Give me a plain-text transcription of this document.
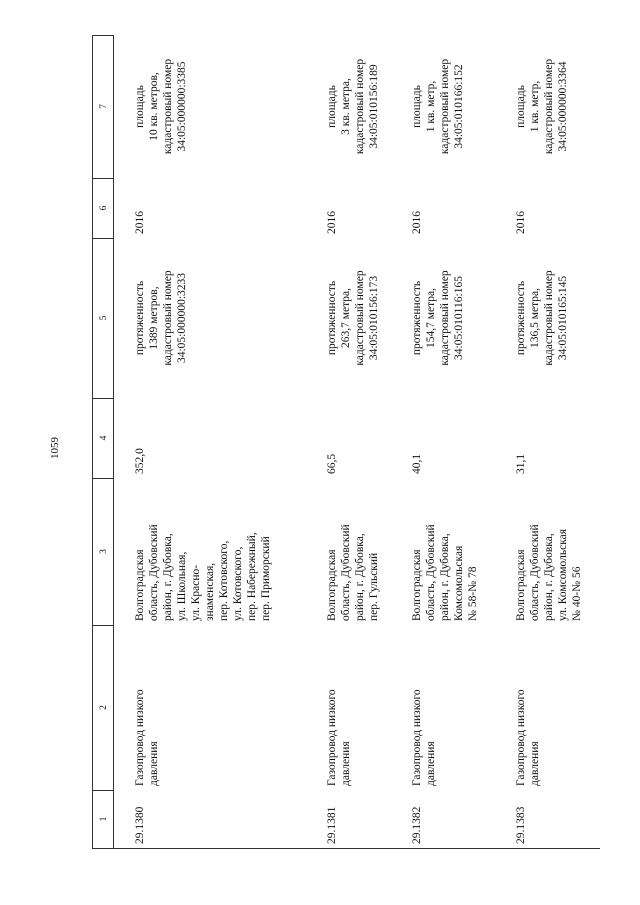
1059
1
2
3
4
5
6
7
29.1380
Газопровод низкого давления
Волгоградская область, Дубовский район, г. Дубовка, ул. Школьная, ул. Красно- знаменская, пер. Котовского, ул. Котовского, пер. Набережный, пер. Приморский
352,0
протяженность 1389 метров, кадастровый номер 34:05:000000:3233
2016
площадь 10 кв. метров, кадастровый номер 34:05:000000:3385
29.1381
Газопровод низкого давления
Волгоградская область, Дубовский район, г. Дубовка, пер. Гульский
66,5
протяженность 263,7 метра, кадастровый номер 34:05:010156:173
2016
площадь 3 кв. метра, кадастровый номер 34:05:010156:189
29.1382
Газопровод низкого давления
Волгоградская область, Дубовский район, г. Дубовка, Комсомольская № 58-№ 78
40,1
протяженность 154,7 метра, кадастровый номер 34:05:010116:165
2016
площадь 1 кв. метр, кадастровый номер 34:05:010166:152
29.1383
Газопровод низкого давления
Волгоградская область, Дубовский район, г. Дубовка, ул. Комсомольская № 40-№ 56
31,1
протяженность 136,5 метра, кадастровый номер 34:05:010165:145
2016
площадь 1 кв. метр, кадастровый номер 34:05:000000:3364
